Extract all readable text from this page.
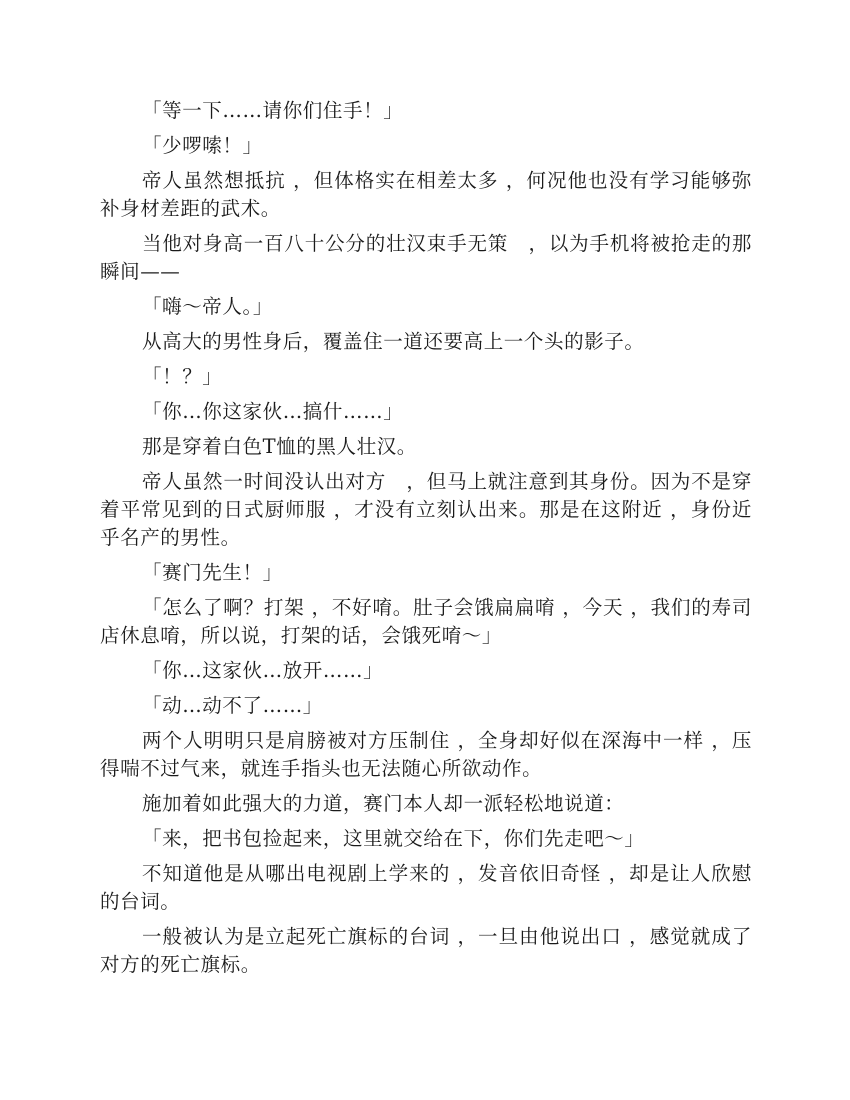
「等一下……请你们住手！」

「少啰嗦！」

帝人虽然想抵抗 ，但体格实在相差太多 ，何况他也没有学习能够弥补身材差距的武术。

当他对身高一百八十公分的壮汉束手无策　，以为手机将被抢走的那瞬间——

「嗨～帝人。」

从高大的男性身后，覆盖住一道还要高上一个头的影子。

「！？」

「你…你这家伙…搞什……」

那是穿着白色T恤的黑人壮汉。

帝人虽然一时间没认出对方　，但马上就注意到其身份。因为不是穿着平常见到的日式厨师服 ，才没有立刻认出来。那是在这附近 ，身份近乎名产的男性。

「赛门先生！」

「怎么了啊？打架 ，不好唷。肚子会饿扁扁唷 ，今天 ，我们的寿司店休息唷，所以说，打架的话，会饿死唷～」

「你…这家伙…放开……」

「动…动不了……」

两个人明明只是肩膀被对方压制住 ，全身却好似在深海中一样 ，压得喘不过气来，就连手指头也无法随心所欲动作。

施加着如此强大的力道，赛门本人却一派轻松地说道：

「来，把书包捡起来，这里就交给在下，你们先走吧～」

不知道他是从哪出电视剧上学来的 ，发音依旧奇怪 ，却是让人欣慰的台词。

一般被认为是立起死亡旗标的台词 ，一旦由他说出口 ，感觉就成了对方的死亡旗标。
